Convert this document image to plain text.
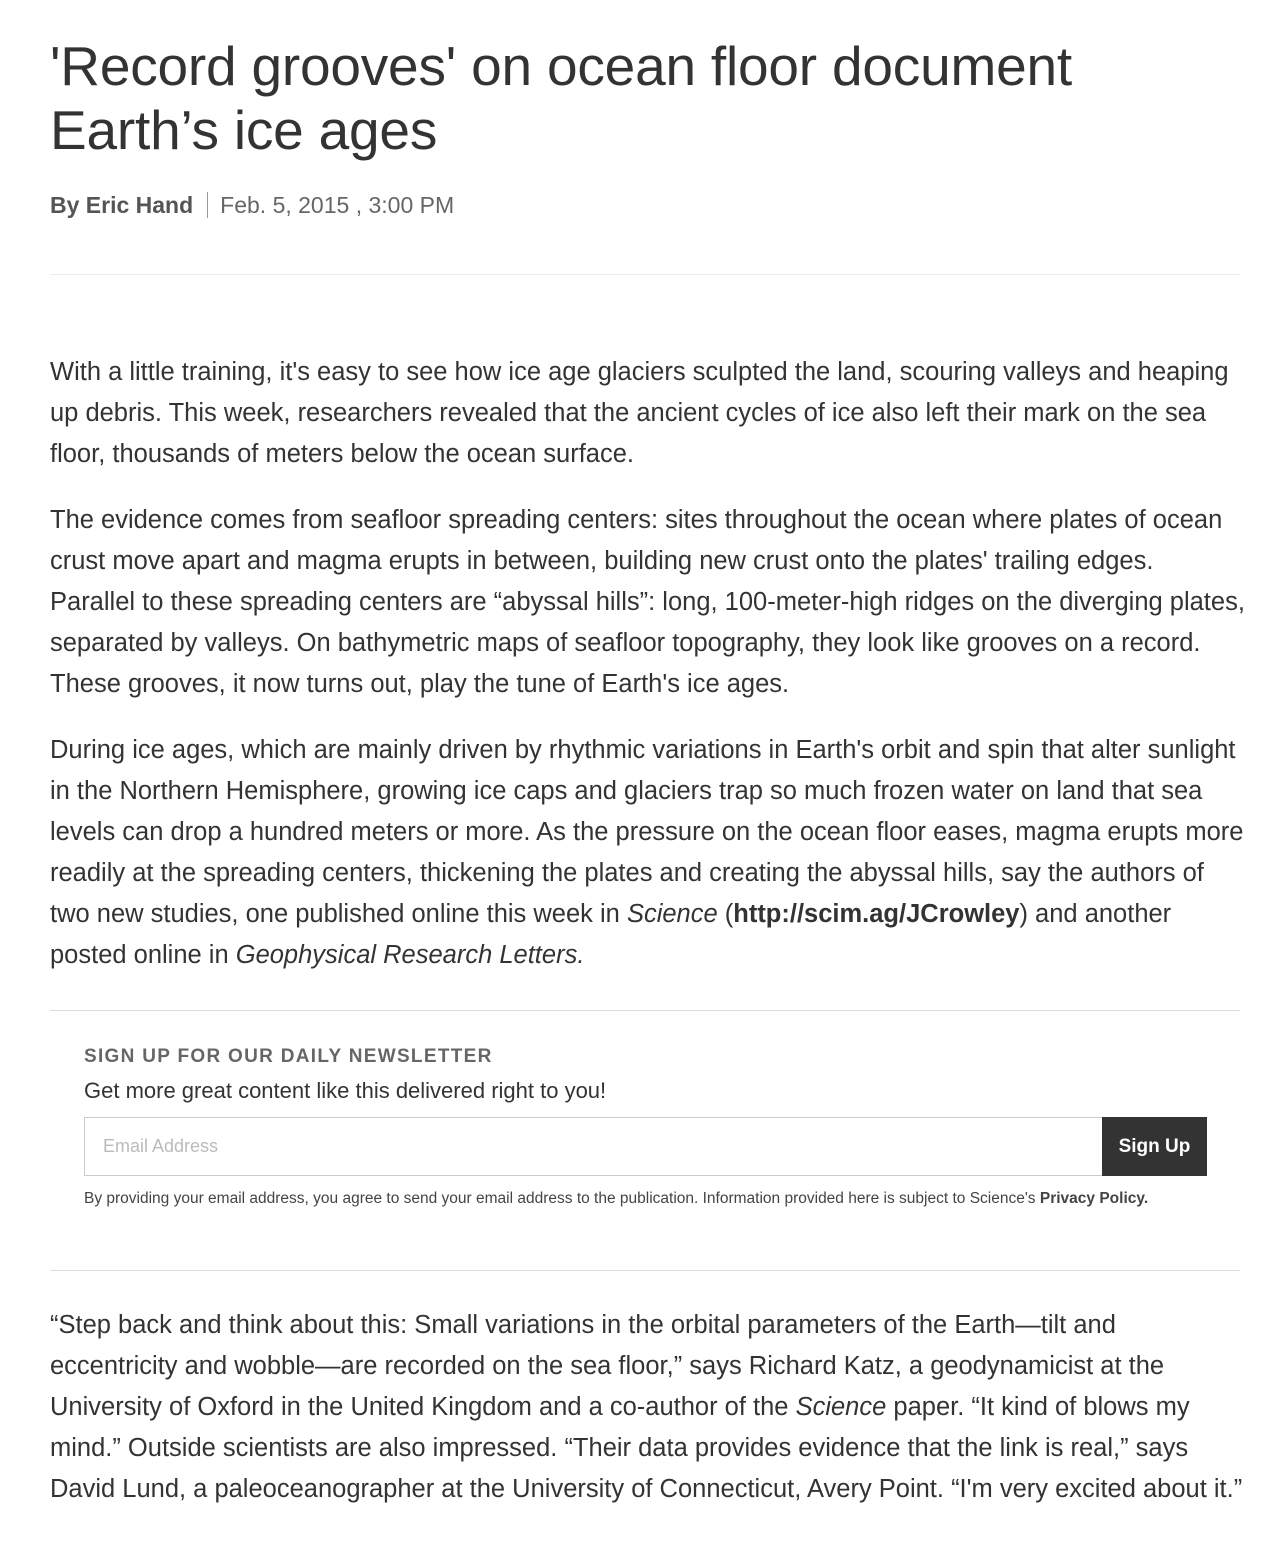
'Record grooves' on ocean floor document Earth’s ice ages
By Eric Hand Feb. 5, 2015 , 3:00 PM

With a little training, it's easy to see how ice age glaciers sculpted the land, scouring valleys and heaping up debris. This week, researchers revealed that the ancient cycles of ice also left their mark on the sea floor, thousands of meters below the ocean surface.

The evidence comes from seafloor spreading centers: sites throughout the ocean where plates of ocean crust move apart and magma erupts in between, building new crust onto the plates' trailing edges. Parallel to these spreading centers are “abyssal hills”: long, 100-meter-high ridges on the diverging plates, separated by valleys. On bathymetric maps of seafloor topography, they look like grooves on a record. These grooves, it now turns out, play the tune of Earth's ice ages.

During ice ages, which are mainly driven by rhythmic variations in Earth's orbit and spin that alter sunlight in the Northern Hemisphere, growing ice caps and glaciers trap so much frozen water on land that sea levels can drop a hundred meters or more. As the pressure on the ocean floor eases, magma erupts more readily at the spreading centers, thickening the plates and creating the abyssal hills, say the authors of two new studies, one published online this week in Science (http://scim.ag/JCrowley) and another posted online in Geophysical Research Letters.

SIGN UP FOR OUR DAILY NEWSLETTER
Get more great content like this delivered right to you!
Email Address
Sign Up
By providing your email address, you agree to send your email address to the publication. Information provided here is subject to Science's Privacy Policy.

“Step back and think about this: Small variations in the orbital parameters of the Earth—tilt and eccentricity and wobble—are recorded on the sea floor,” says Richard Katz, a geodynamicist at the University of Oxford in the United Kingdom and a co-author of the Science paper. “It kind of blows my mind.” Outside scientists are also impressed. “Their data provides evidence that the link is real,” says David Lund, a paleoceanographer at the University of Connecticut, Avery Point. “I'm very excited about it.”
